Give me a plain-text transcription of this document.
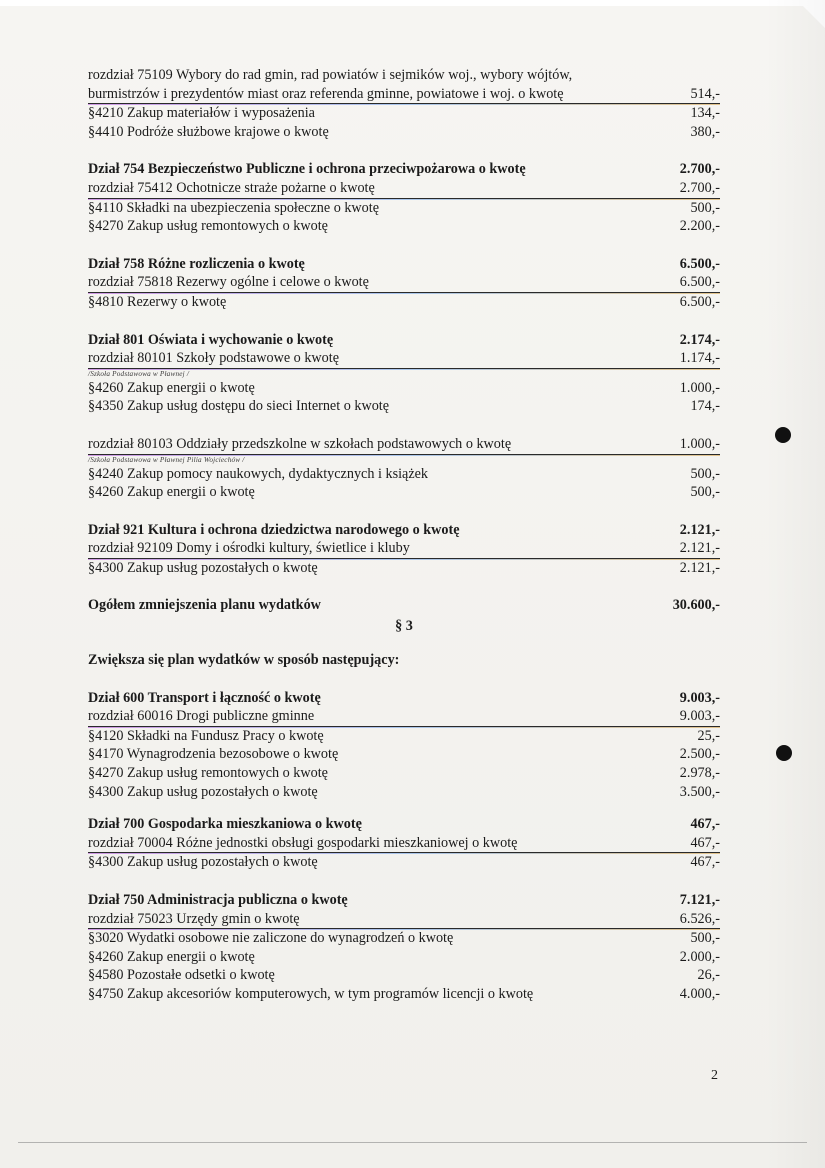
rozdział 75109 Wybory do rad gmin, rad powiatów i sejmików woj., wybory wójtów,
burmistrzów i prezydentów miast oraz referenda gminne, powiatowe i woj. o kwotę	514,-
§4210 Zakup materiałów i wyposażenia	134,-
§4410 Podróże służbowe krajowe o kwotę	380,-
Dział 754 Bezpieczeństwo Publiczne i ochrona przeciwpożarowa o kwotę	2.700,-
rozdział 75412 Ochotnicze straże pożarne o kwotę	2.700,-
§4110 Składki na ubezpieczenia społeczne o kwotę	500,-
§4270 Zakup usług remontowych o kwotę	2.200,-
Dział 758 Różne rozliczenia o kwotę	6.500,-
rozdział 75818 Rezerwy ogólne i celowe o kwotę	6.500,-
§4810 Rezerwy o kwotę	6.500,-
Dział 801 Oświata i wychowanie o kwotę	2.174,-
rozdział 80101 Szkoły podstawowe o kwotę	1.174,-
/Szkoła Podstawowa w Pławnej /
§4260 Zakup energii o kwotę	1.000,-
§4350 Zakup usług dostępu do sieci Internet o kwotę	174,-
rozdział 80103 Oddziały przedszkolne w szkołach podstawowych o kwotę	1.000,-
/Szkoła Podstawowa w Pławnej Pilia Wojciechów /
§4240 Zakup pomocy naukowych, dydaktycznych i książek	500,-
§4260 Zakup energii o kwotę	500,-
Dział 921 Kultura i ochrona dziedzictwa narodowego o kwotę	2.121,-
rozdział 92109 Domy i ośrodki kultury, świetlice i kluby	2.121,-
§4300 Zakup usług pozostałych o kwotę	2.121,-
Ogółem zmniejszenia planu wydatków	30.600,-
§ 3
Zwiększa się plan wydatków w sposób następujący:
Dział 600 Transport i łączność o kwotę	9.003,-
rozdział 60016 Drogi publiczne gminne	9.003,-
§4120 Składki na Fundusz Pracy o kwotę	25,-
§4170 Wynagrodzenia bezosobowe o kwotę	2.500,-
§4270 Zakup usług remontowych o kwotę	2.978,-
§4300 Zakup usług pozostałych o kwotę	3.500,-
Dział 700 Gospodarka mieszkaniowa o kwotę	467,-
rozdział 70004 Różne jednostki obsługi gospodarki mieszkaniowej o kwotę	467,-
§4300 Zakup usług pozostałych o kwotę	467,-
Dział 750 Administracja publiczna o kwotę	7.121,-
rozdział 75023 Urzędy gmin o kwotę	6.526,-
§3020 Wydatki osobowe nie zaliczone do wynagrodzeń o kwotę	500,-
§4260 Zakup energii o kwotę	2.000,-
§4580 Pozostałe odsetki o kwotę	26,-
§4750 Zakup akcesoriów komputerowych, w tym programów licencji o kwotę	4.000,-
2
